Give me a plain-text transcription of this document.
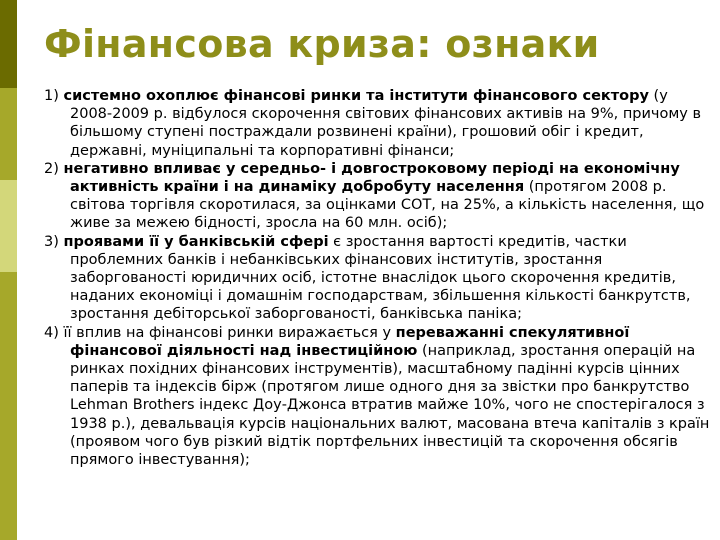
Фінансова криза: ознаки

1) системно охоплює фінансові ринки та інститути фінансового сектору (у 2008-2009 р. відбулося скорочення світових фінансових активів на 9%, причому в більшому ступені постраждали розвинені країни), грошовий обіг і кредит, державні, муніципальні та корпоративні фінанси;

2) негативно впливає у середньо- і довгостроковому періоді на економічну активність країни і на динаміку добробуту населення (протягом 2008 р. світова торгівля скоротилася, за оцінками СОТ, на 25%, а кількість населення, що живе за межею бідності, зросла на 60 млн. осіб);

3) проявами її у банківській сфері є зростання вартості кредитів, частки проблемних банків і небанківських фінансових інститутів, зростання заборгованості юридичних осіб, істотне внаслідок цього скорочення кредитів, наданих економіці і домашнім господарствам, збільшення кількості банкрутств, зростання дебіторської заборгованості, банківська паніка;

4) її вплив на фінансові ринки виражається у переважанні спекулятивної фінансової діяльності над інвестиційною (наприклад, зростання операцій на ринках похідних фінансових інструментів), масштабному падінні курсів цінних паперів та індексів бірж (протягом лише одного дня за звістки про банкрутство Lehman Brothers індекс Доу-Джонса втратив майже 10%, чого не спостерігалося з 1938 р.), девальвація курсів національних валют, масована втеча капіталів з країн (проявом чого був різкий відтік портфельних інвестицій та скорочення обсягів прямого інвестування);
